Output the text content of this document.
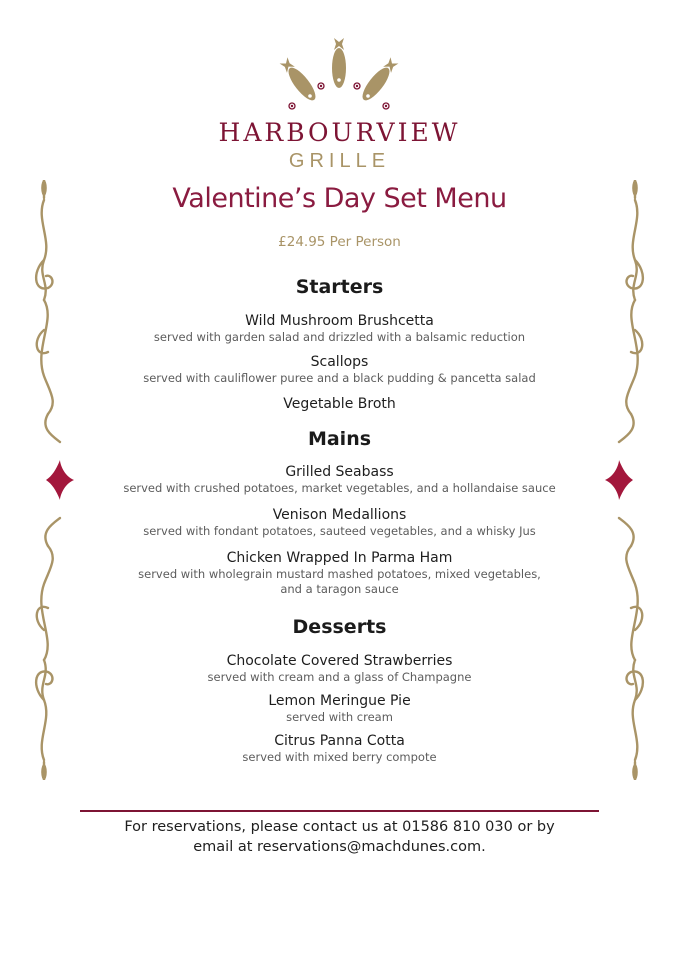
HARBOURVIEW
GRILLE
Valentine’s Day Set Menu
£24.95 Per Person
Starters
Wild Mushroom Brushcetta
served with garden salad and drizzled with a balsamic reduction
Scallops
served with cauliflower puree and a black pudding & pancetta salad
Vegetable Broth
Mains
Grilled Seabass
served with crushed potatoes, market vegetables, and a hollandaise sauce
Venison Medallions
served with fondant potatoes, sauteed vegetables, and a whisky Jus
Chicken Wrapped In Parma Ham
served with wholegrain mustard mashed potatoes, mixed vegetables, and a taragon sauce
Desserts
Chocolate Covered Strawberries
served with cream and a glass of Champagne
Lemon Meringue Pie
served with cream
Citrus Panna Cotta
served with mixed berry compote
For reservations, please contact us at 01586 810 030 or by email at reservations@machdunes.com.
